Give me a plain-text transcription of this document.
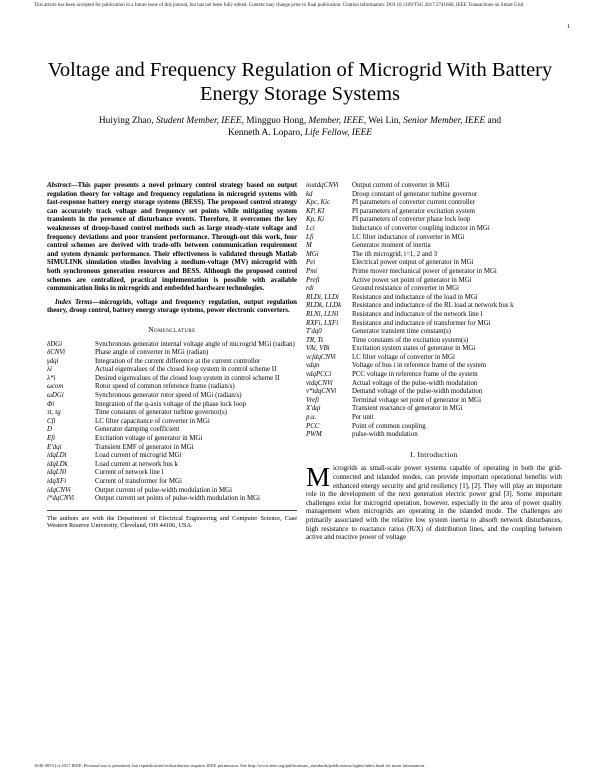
This article has been accepted for publication in a future issue of this journal, but has not been fully edited. Content may change prior to final publication. Citation information: DOI 10.1109/TSG.2017.2741668, IEEE Transactions on Smart Grid
1
Voltage and Frequency Regulation of Microgrid With Battery Energy Storage Systems
Huiying Zhao, Student Member, IEEE, Mingguo Hong, Member, IEEE, Wei Lin, Senior Member, IEEE and
Kenneth A. Loparo, Life Fellow, IEEE

Abstract—This paper presents a novel primary control strategy based on output regulation theory for voltage and frequency regulations in microgrid systems with fast-response battery energy storage systems (BESS). The proposed control strategy can accurately track voltage and frequency set points while mitigating system transients in the presence of disturbance events. Therefore, it overcomes the key weaknesses of droop-based control methods such as large steady-state voltage and frequency deviations and poor transient performance. Through-out this work, four control schemes are derived with trade-offs between communication requirement and system dynamic performance. Their effectiveness is validated through Matlab SIMULINK simulation studies involving a medium-voltage (MV) microgrid with both synchronous generation resources and BESS. Although the proposed control schemes are centralized, practical implementation is possible with available communication links in microgrids and embedded hardware technologies.

Index Terms—microgrids, voltage and frequency regulation, output regulation theory, droop control, battery energy storage systems, power electronic converters.

Nomenclature
δDGi	Synchronous generator internal voltage angle of microgrid MGi (radian)
δCNVi	Phase angle of converter in MGi (radian)
γdqi	Integration of the current difference at the current controller
λi	Actual eigenvalues of the closed loop system in control scheme II
λ*i	Desired eigenvalues of the closed loop system in control scheme II
ωcom	Rotor speed of common reference frame (radian/s)
ωDGi	Synchronous generator rotor speed of MGi (radian/s)
Φi	Integration of the q-axis voltage of the phase lock loop
τt, τg	Time constants of generator turbine governor(s)
Cfi	LC filter capacitance of converter in MGi
D	Generator damping coefficient
Efi	Excitation voltage of generator in MGi
E′dqi	Transient EMF of generator in MGi
idqLDi	Load current of microgrid MGi
idqLDk	Load current at network bus k
idqLNl	Current of network line l
idqXFi	Current of transformer for MGi
idqCNVi	Output current of pulse-width modulation in MGi
i*dqCNVi	Output current set points of pulse-width modulation in MGi
The authors are with the Department of Electrical Engineering and Computer Science, Case Western Reserve University, Cleveland, OH 44106, USA.
ioutdqCNVi	Output current of converter in MGi
kd	Droop constant of generator turbine governor
Kpc, Kic	PI parameters of converter current controller
KP, KI	PI parameters of generator excitation system
Kp, Ki	PI parameters of converter phase lock loop
Lci	Inductance of converter coupling inductor in MGi
Lfi	LC filter inductance of converter in MGi
M	Generator moment of inertia
MGi	The ith microgrid, i=1, 2 and 3
Pei	Electrical power output of generator in MGi
Pmi	Prime mover mechanical power of generator in MGi
Prefi	Active power set point of generator in MGi
rdi	Ground resistance of converter in MGi
RLDi, LLDi	Resistance and inductance of the load in MGi
RLDk, LLDk	Resistance and inductance of the RL load at network bus k
RLNl, LLNl	Resistance and inductance of the network line l
RXFi, LXFi	Resistance and inductance of transformer for MGi
T′dq0	Generator transient time constant(s)
TR, Ts	Time constants of the excitation system(s)
VAi, VBi	Excitation system states of generator in MGi
vcfdqCNVi	LC filter voltage of converter in MGi
vdqn	Voltage of bus i in reference frame of the system
vdqPCCi	PCC voltage in reference frame of the system
vtdqCNVi	Actual voltage of the pulse-width modulation
v*tdqCNVi	Demand voltage of the pulse-width modulation
Vrefi	Terminal voltage set point of generator in MGi
X′dqi	Transient reactance of generator in MGi
p.u.	Per unit
PCC	Point of common coupling
PWM	pulse-width modulation
I. Introduction

Microgrids as small-scale power systems capable of operating in both the grid-connected and islanded modes, can provide important operational benefits with enhanced energy security and grid resiliency [1], [2]. They will play an important role in the development of the next generation electric power grid [3]. Some important challenges exist for microgrid operation, however, especially in the area of power quality management when microgrids are operating in the islanded mode. The challenges are primarily associated with the relative low system inertia to absorb network disturbances, high resistance to reactance ratios (R/X) of distribution lines, and the coupling between active and reactive power of voltage

1949-3053 (c) 2017 IEEE. Personal use is permitted, but republication/redistribution requires IEEE permission. See http://www.ieee.org/publications_standards/publications/rights/index.html for more information.
